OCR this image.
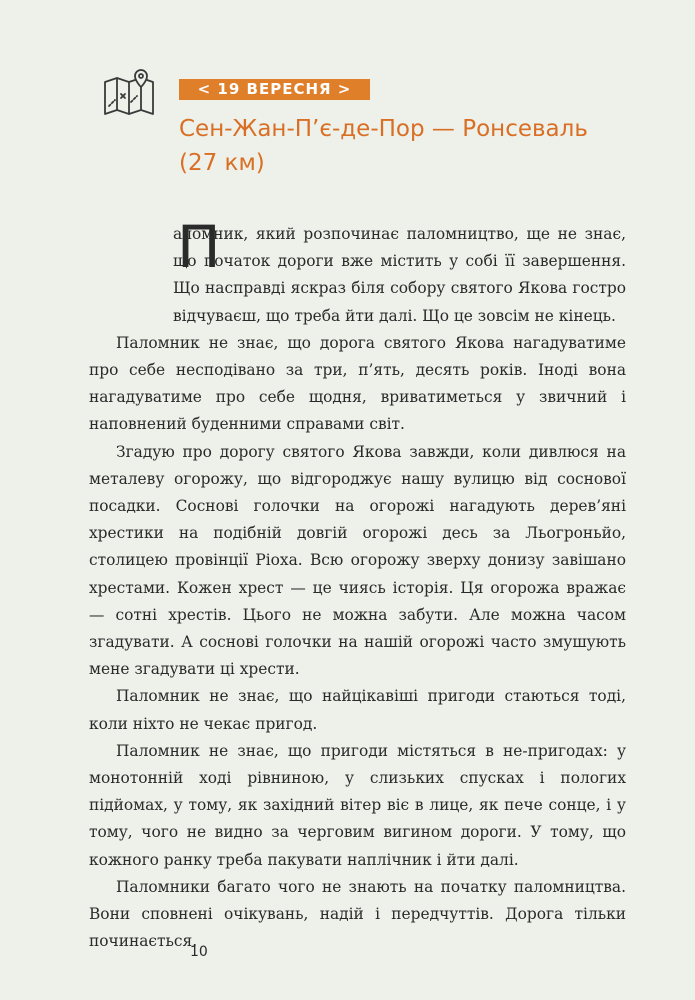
< 19 ВЕРЕСНЯ >
Сен-Жан-П’є-де-Пор — Ронсеваль
(27 км)

аломник, який розпочинає паломництво, ще не знає, що початок дороги вже містить у собі її завершення. Що насправді яскраз біля собору святого Якова гостро відчуваєш, що треба йти далі. Що це зовсім не кінець.

Паломник не знає, що дорога святого Якова нагадуватиме про себе несподівано за три, п’ять, десять років. Іноді вона нагадуватиме про себе щодня, вриватиметься у звичний і наповнений буденними справами світ.

Згадую про дорогу святого Якова завжди, коли дивлюся на металеву огорожу, що відгороджує нашу вулицю від соснової посадки. Соснові голочки на огорожі нагадують дерев’яні хрестики на подібній довгій огорожі десь за Льогроньйо, столицею провінції Ріоха. Всю огорожу зверху донизу завішано хрестами. Кожен хрест — це чиясь історія. Ця огорожа вражає — сотні хрестів. Цього не можна забути. Але можна часом згадувати. А соснові голочки на нашій огорожі часто змушують мене згадувати ці хрести.

Паломник не знає, що найцікавіші пригоди стаються тоді, коли ніхто не чекає пригод.

Паломник не знає, що пригоди містяться в не-пригодах: у монотонній ході рівниною, у слизьких спусках і пологих підйомах, у тому, як західний вітер віє в лице, як пече сонце, і у тому, чого не видно за черговим вигином дороги. У тому, що кожного ранку треба пакувати наплічник і йти далі.

Паломники багато чого не знають на початку паломництва. Вони сповнені очікувань, надій і передчуттів. Дорога тільки починається.

П
10
